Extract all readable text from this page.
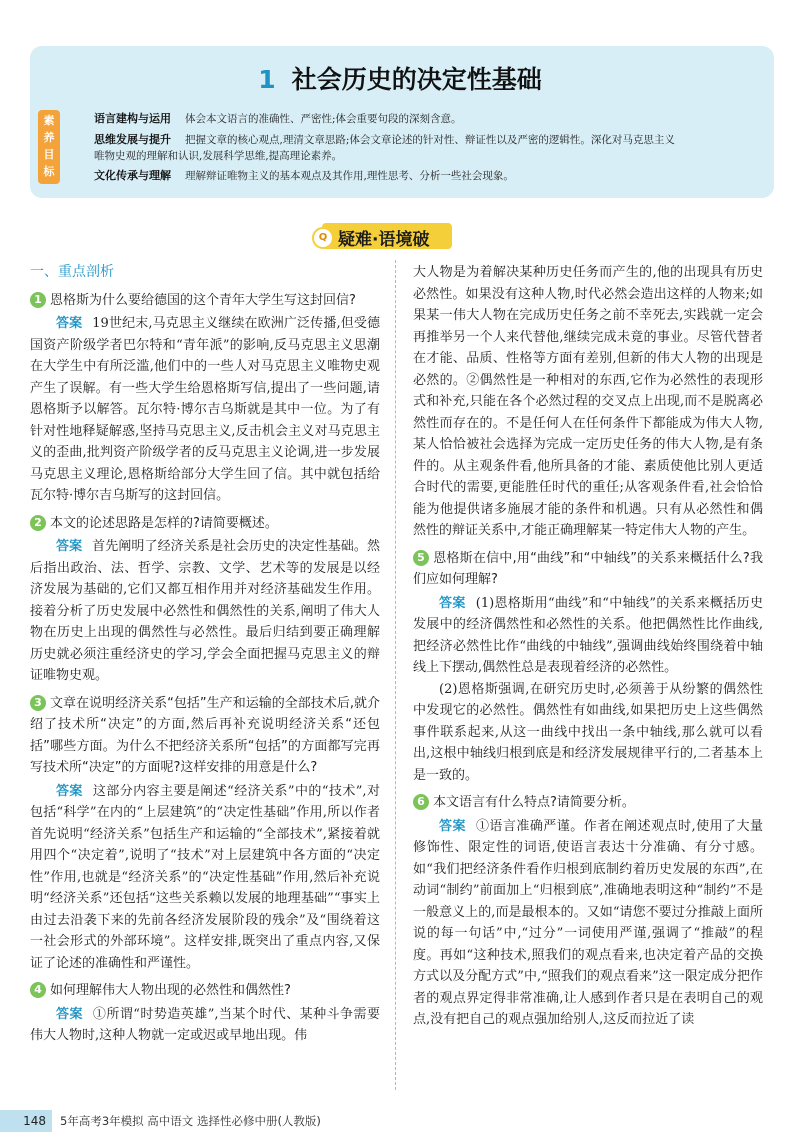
1 社会历史的决定性基础
素
养
目
标
语言建构与运用 体会本文语言的准确性、严密性;体会重要句段的深刻含意。
思维发展与提升 把握文章的核心观点,理清文章思路;体会文章论述的针对性、辩证性以及严密的逻辑性。深化对马克思主义
唯物史观的理解和认识,发展科学思维,提高理论素养。
文化传承与理解 理解辩证唯物主义的基本观点及其作用,理性思考、分析一些社会现象。
Q 疑难·语境破
一、重点剖析
1 恩格斯为什么要给德国的这个青年大学生写这封回信?

答案 19世纪末,马克思主义继续在欧洲广泛传播,但受德国资产阶级学者巴尔特和“青年派”的影响,反马克思主义思潮在大学生中有所泛滥,他们中的一些人对马克思主义唯物史观产生了误解。有一些大学生给恩格斯写信,提出了一些问题,请恩格斯予以解答。瓦尔特·博尔吉乌斯就是其中一位。为了有针对性地释疑解惑,坚持马克思主义,反击机会主义对马克思主义的歪曲,批判资产阶级学者的反马克思主义论调,进一步发展马克思主义理论,恩格斯给部分大学生回了信。其中就包括给瓦尔特·博尔吉乌斯写的这封回信。

2 本文的论述思路是怎样的?请简要概述。

答案 首先阐明了经济关系是社会历史的决定性基础。然后指出政治、法、哲学、宗教、文学、艺术等的发展是以经济发展为基础的,它们又都互相作用并对经济基础发生作用。接着分析了历史发展中必然性和偶然性的关系,阐明了伟大人物在历史上出现的偶然性与必然性。最后归结到要正确理解历史就必须注重经济史的学习,学会全面把握马克思主义的辩证唯物史观。

3 文章在说明经济关系“包括”生产和运输的全部技术后,就介绍了技术所“决定”的方面,然后再补充说明经济关系“还包括”哪些方面。为什么不把经济关系所“包括”的方面都写完再写技术所“决定”的方面呢?这样安排的用意是什么?

答案 这部分内容主要是阐述“经济关系”中的“技术”,对包括“科学”在内的“上层建筑”的“决定性基础”作用,所以作者首先说明“经济关系”包括生产和运输的“全部技术”,紧接着就用四个“决定着”,说明了“技术”对上层建筑中各方面的“决定性”作用,也就是“经济关系”的“决定性基础”作用,然后补充说明“经济关系”还包括“这些关系赖以发展的地理基础”“事实上由过去沿袭下来的先前各经济发展阶段的残余”及“围绕着这一社会形式的外部环境”。这样安排,既突出了重点内容,又保证了论述的准确性和严谨性。

4 如何理解伟大人物出现的必然性和偶然性?

答案 ①所谓“时势造英雄”,当某个时代、某种斗争需要伟大人物时,这种人物就一定或迟或早地出现。伟

大人物是为着解决某种历史任务而产生的,他的出现具有历史必然性。如果没有这种人物,时代必然会造出这样的人物来;如果某一伟大人物在完成历史任务之前不幸死去,实践就一定会再推举另一个人来代替他,继续完成未竟的事业。尽管代替者在才能、品质、性格等方面有差别,但新的伟大人物的出现是必然的。②偶然性是一种相对的东西,它作为必然性的表现形式和补充,只能在各个必然过程的交叉点上出现,而不是脱离必然性而存在的。不是任何人在任何条件下都能成为伟大人物,某人恰恰被社会选择为完成一定历史任务的伟大人物,是有条件的。从主观条件看,他所具备的才能、素质使他比别人更适合时代的需要,更能胜任时代的重任;从客观条件看,社会恰恰能为他提供诸多施展才能的条件和机遇。只有从必然性和偶然性的辩证关系中,才能正确理解某一特定伟大人物的产生。

5 恩格斯在信中,用“曲线”和“中轴线”的关系来概括什么?我们应如何理解?

答案 (1)恩格斯用“曲线”和“中轴线”的关系来概括历史发展中的经济偶然性和必然性的关系。他把偶然性比作曲线,把经济必然性比作“曲线的中轴线”,强调曲线始终围绕着中轴线上下摆动,偶然性总是表现着经济的必然性。

(2)恩格斯强调,在研究历史时,必须善于从纷繁的偶然性中发现它的必然性。偶然性有如曲线,如果把历史上这些偶然事件联系起来,从这一曲线中找出一条中轴线,那么就可以看出,这根中轴线归根到底是和经济发展规律平行的,二者基本上是一致的。

6 本文语言有什么特点?请简要分析。

答案 ①语言准确严谨。作者在阐述观点时,使用了大量修饰性、限定性的词语,使语言表达十分准确、有分寸感。如“我们把经济条件看作归根到底制约着历史发展的东西”,在动词“制约”前面加上“归根到底”,准确地表明这种“制约”不是一般意义上的,而是最根本的。又如“请您不要过分推敲上面所说的每一句话”中,“过分”一词使用严谨,强调了“推敲”的程度。再如“这种技术,照我们的观点看来,也决定着产品的交换方式以及分配方式”中,“照我们的观点看来”这一限定成分把作者的观点界定得非常准确,让人感到作者只是在表明自己的观点,没有把自己的观点强加给别人,这反而拉近了读

148	5年高考3年模拟 高中语文 选择性必修中册(人教版)
